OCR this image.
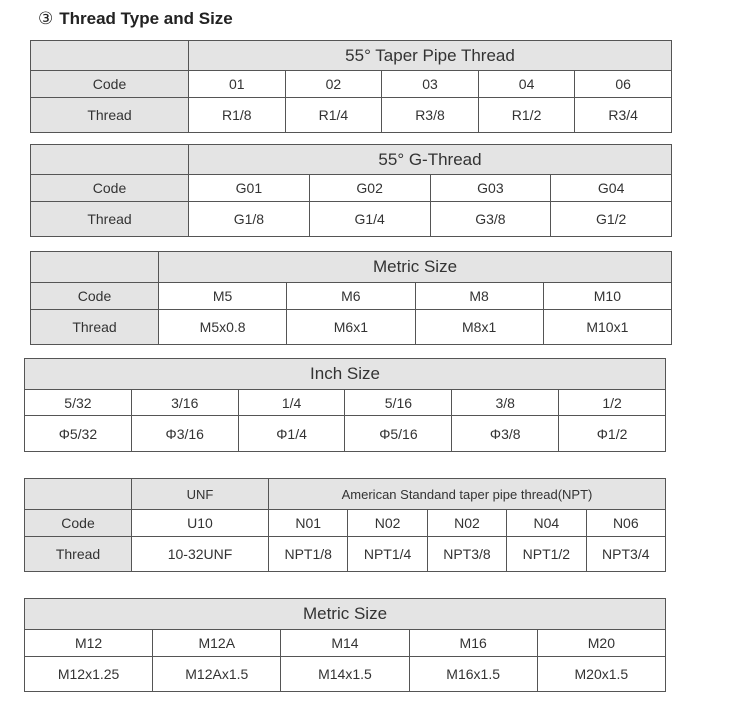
③ Thread Type and Size
	55° Taper Pipe Thread				
Code	01	02	03	04	06
Thread	R1/8	R1/4	R3/8	R1/2	R3/4
	55° G-Thread			
Code	G01	G02	G03	G04
Thread	G1/8	G1/4	G3/8	G1/2
	Metric Size			
Code	M5	M6	M8	M10
Thread	M5x0.8	M6x1	M8x1	M10x1
Inch Size					
5/32	3/16	1/4	5/16	3/8	1/2
Φ5/32	Φ3/16	Φ1/4	Φ5/16	Φ3/8	Φ1/2
	UNF	American Standand taper pipe thread(NPT)				
Code	U10	N01	N02	N02	N04	N06
Thread	10-32UNF	NPT1/8	NPT1/4	NPT3/8	NPT1/2	NPT3/4
Metric Size				
M12	M12A	M14	M16	M20
M12x1.25	M12Ax1.5	M14x1.5	M16x1.5	M20x1.5
